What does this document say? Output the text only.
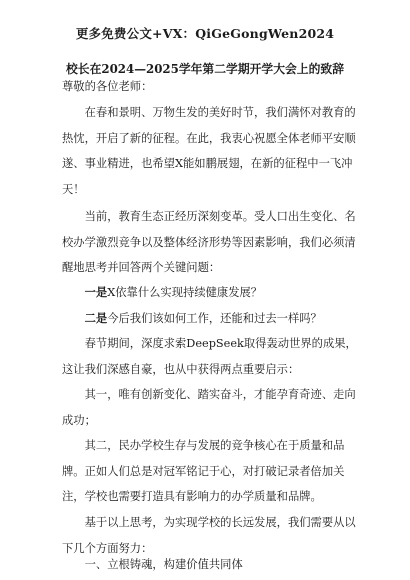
更多免费公文+VX：QiGeGongWen2024
校长在2024—2025学年第二学期开学大会上的致辞

尊敬的各位老师：

在春和景明、万物生发的美好时节，我们满怀对教育的热忱，开启了新的征程。在此，我衷心祝愿全体老师平安顺遂、事业精进，也希望X能如鹏展翅，在新的征程中一飞冲天！

当前，教育生态正经历深刻变革。受人口出生变化、名校办学激烈竞争以及整体经济形势等因素影响，我们必须清醒地思考并回答两个关键问题：

一是X依靠什么实现持续健康发展？

二是今后我们该如何工作，还能和过去一样吗？

春节期间，深度求索DeepSeek取得轰动世界的成果，这让我们深感自豪，也从中获得两点重要启示：

其一，唯有创新变化、踏实奋斗，才能孕育奇迹、走向成功；

其二，民办学校生存与发展的竞争核心在于质量和品牌。正如人们总是对冠军铭记于心，对打破记录者倍加关注，学校也需要打造具有影响力的办学质量和品牌。

基于以上思考，为实现学校的长远发展，我们需要从以下几个方面努力：

一、立根铸魂，构建价值共同体
